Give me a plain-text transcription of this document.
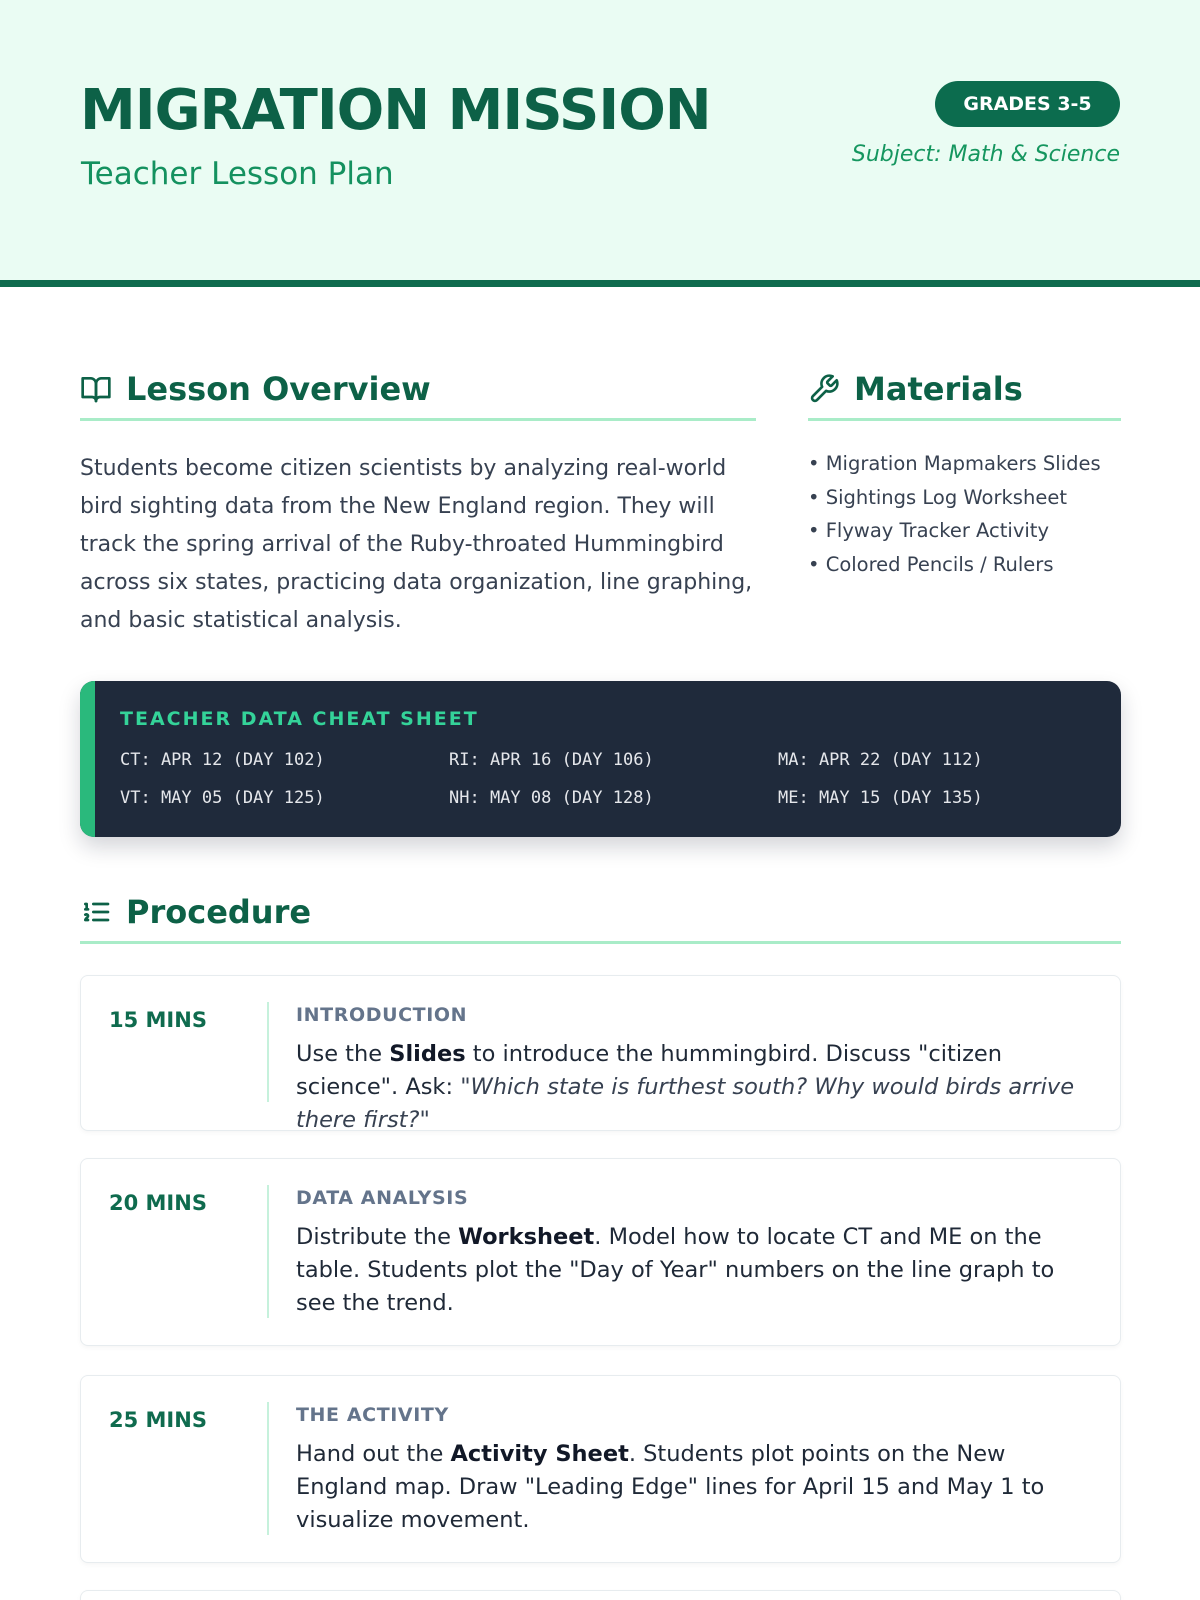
MIGRATION MISSION
Teacher Lesson Plan
GRADES 3-5
Subject: Math & Science
Lesson Overview

Students become citizen scientists by analyzing real-world bird sighting data from the New England region. They will track the spring arrival of the Ruby-throated Hummingbird across six states, practicing data organization, line graphing, and basic statistical analysis.

Materials
• Migration Mapmakers Slides
• Sightings Log Worksheet
• Flyway Tracker Activity
• Colored Pencils / Rulers
TEACHER DATA CHEAT SHEET
CT: APR 12 (DAY 102)	RI: APR 16 (DAY 106)	MA: APR 22 (DAY 112)
VT: MAY 05 (DAY 125)	NH: MAY 08 (DAY 128)	ME: MAY 15 (DAY 135)
Procedure
15 MINS	INTRODUCTION
Use the Slides to introduce the hummingbird. Discuss "citizen science". Ask: "Which state is furthest south? Why would birds arrive there first?"
20 MINS	DATA ANALYSIS
Distribute the Worksheet. Model how to locate CT and ME on the table. Students plot the "Day of Year" numbers on the line graph to see the trend.
25 MINS	THE ACTIVITY
Hand out the Activity Sheet. Students plot points on the New England map. Draw "Leading Edge" lines for April 15 and May 1 to visualize movement.
